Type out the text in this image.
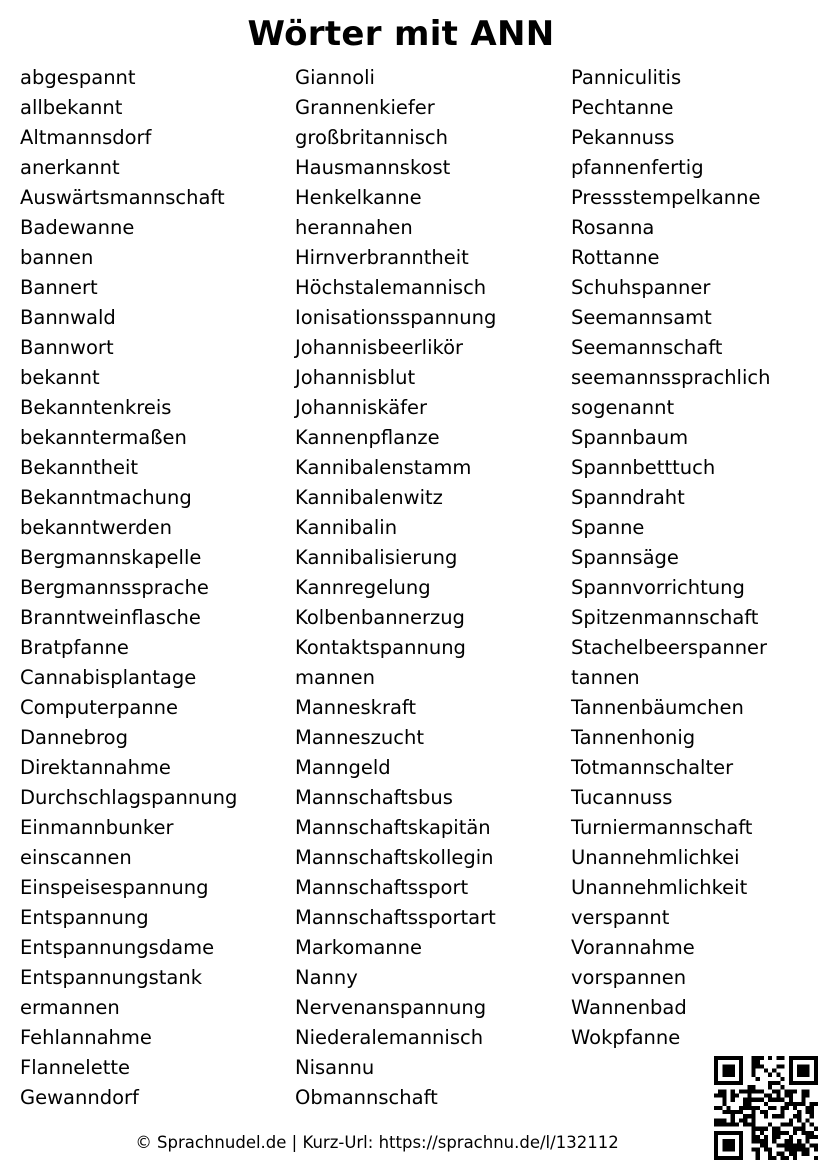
Wörter mit ANN
abgespannt
allbekannt
Altmannsdorf
anerkannt
Auswärtsmannschaft
Badewanne
bannen
Bannert
Bannwald
Bannwort
bekannt
Bekanntenkreis
bekanntermaßen
Bekanntheit
Bekanntmachung
bekanntwerden
Bergmannskapelle
Bergmannssprache
Branntweinflasche
Bratpfanne
Cannabisplantage
Computerpanne
Dannebrog
Direktannahme
Durchschlagspannung
Einmannbunker
einscannen
Einspeisespannung
Entspannung
Entspannungsdame
Entspannungstank
ermannen
Fehlannahme
Flannelette
Gewanndorf
Giannoli
Grannenkiefer
großbritannisch
Hausmannskost
Henkelkanne
herannahen
Hirnverbranntheit
Höchstalemannisch
Ionisationsspannung
Johannisbeerlikör
Johannisblut
Johanniskäfer
Kannenpflanze
Kannibalenstamm
Kannibalenwitz
Kannibalin
Kannibalisierung
Kannregelung
Kolbenbannerzug
Kontaktspannung
mannen
Manneskraft
Manneszucht
Manngeld
Mannschaftsbus
Mannschaftskapitän
Mannschaftskollegin
Mannschaftssport
Mannschaftssportart
Markomanne
Nanny
Nervenanspannung
Niederalemannisch
Nisannu
Obmannschaft
Panniculitis
Pechtanne
Pekannuss
pfannenfertig
Pressstempelkanne
Rosanna
Rottanne
Schuhspanner
Seemannsamt
Seemannschaft
seemannssprachlich
sogenannt
Spannbaum
Spannbetttuch
Spanndraht
Spanne
Spannsäge
Spannvorrichtung
Spitzenmannschaft
Stachelbeerspanner
tannen
Tannenbäumchen
Tannenhonig
Totmannschalter
Tucannuss
Turniermannschaft
Unannehmlichkei
Unannehmlichkeit
verspannt
Vorannahme
vorspannen
Wannenbad
Wokpfanne
© Sprachnudel.de | Kurz-Url: https://sprachnu.de/l/132112
